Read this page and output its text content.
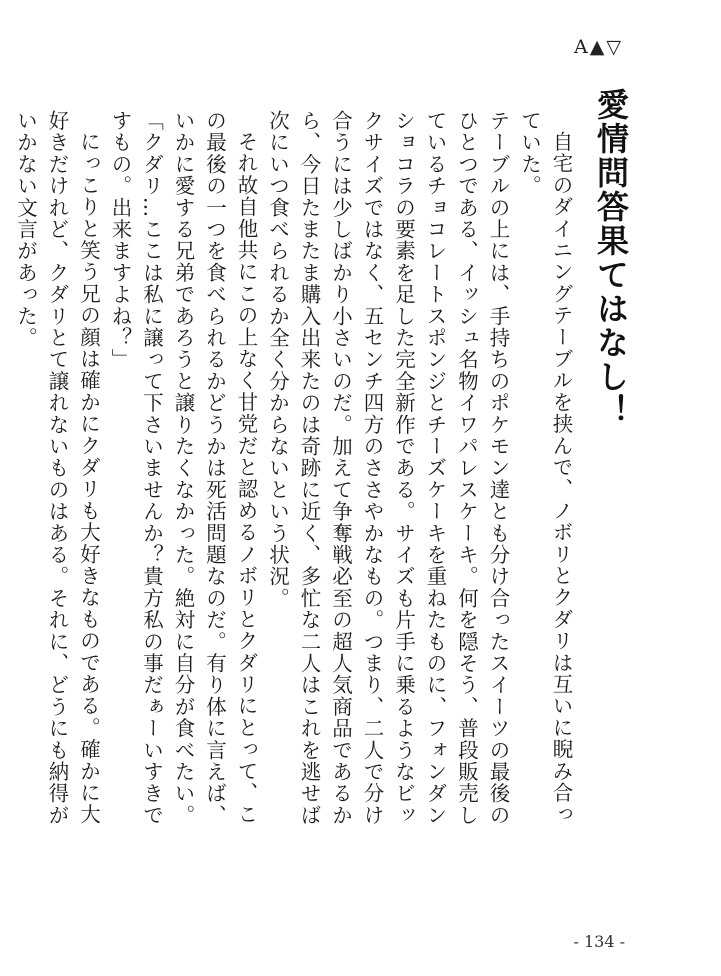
A ▲ ▽
愛情問答果てはなし！

自宅のダイニングテーブルを挟んで、ノボリとクダリは互いに睨み合っていた。

テーブルの上には、手持ちのポケモン達とも分け合ったスイーツの最後のひとつである、イッシュ名物イワパレスケーキ。何を隠そう、普段販売しているチョコレートスポンジとチーズケーキを重ねたものに、フォンダンショコラの要素を足した完全新作である。サイズも片手に乗るようなビックサイズではなく、五センチ四方のささやかなもの。つまり、二人で分け合うには少しばかり小さいのだ。加えて争奪戦必至の超人気商品であるから、今日たまたま購入出来たのは奇跡に近く、多忙な二人はこれを逃せば次にいつ食べられるか全く分からないという状況。

それ故自他共にこの上なく甘党だと認めるノボリとクダリにとって、この最後の一つを食べられるかどうかは死活問題なのだ。有り体に言えば、いかに愛する兄弟であろうと譲りたくなかった。絶対に自分が食べたい。

「クダリ…ここは私に譲って下さいませんか？貴方私の事だぁーいすきですもの。出来ますよね？」

にっこりと笑う兄の顔は確かにクダリも大好きなものである。確かに大好きだけれど、クダリとて譲れないものはある。それに、どうにも納得がいかない文言があった。

- 134 -
